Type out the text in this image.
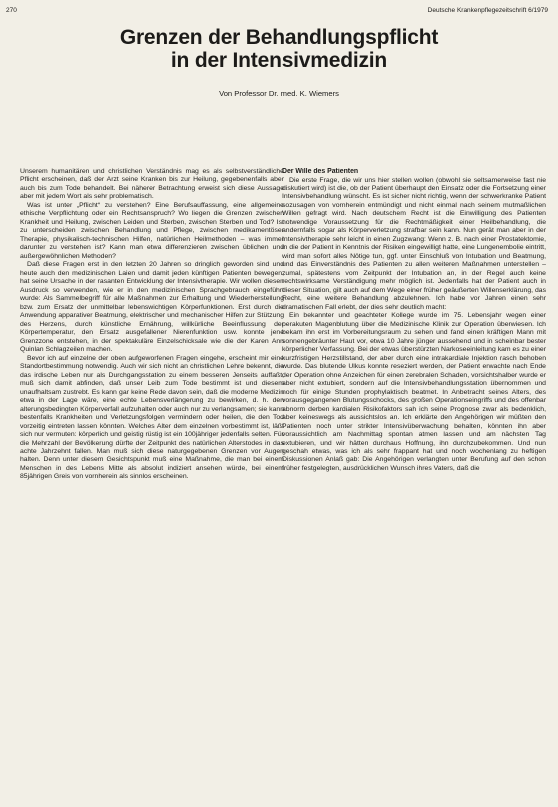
270	Deutsche Krankenpflegezeitschrift 6/1979
Grenzen der Behandlungspflicht
in der Intensivmedizin
Von Professor Dr. med. K. Wiemers

Unserem humanitären und christlichen Verständnis mag es als selbstverständliche Pflicht erscheinen, daß der Arzt seine Kranken bis zur Heilung, gegebenenfalls aber auch bis zum Tode behandelt. Bei näherer Betrachtung erweist sich diese Aussage aber mit jedem Wort als sehr problematisch.

Was ist unter „Pflicht“ zu verstehen? Eine Berufsauffassung, eine allgemeine ethische Verpflichtung oder ein Rechtsanspruch? Wo liegen die Grenzen zwischen Krankheit und Heilung, zwischen Leiden und Sterben, zwischen Sterben und Tod? Ist zu unterscheiden zwischen Behandlung und Pflege, zwischen medikamentöser Therapie, physikalisch-technischen Hilfen, natürlichen Heilmethoden – was immer darunter zu verstehen ist? Kann man etwa differenzieren zwischen üblichen und außergewöhnlichen Methoden?

Daß diese Fragen erst in den letzten 20 Jahren so dringlich geworden sind und heute auch den medizinischen Laien und damit jeden künftigen Patienten bewegen, hat seine Ursache in der rasanten Entwicklung der Intensivtherapie. Wir wollen diesen Ausdruck so verwenden, wie er in den medizinischen Sprachgebrauch eingeführt wurde: Als Sammelbegriff für alle Maßnahmen zur Erhaltung und Wiederherstellung bzw. zum Ersatz der unmittelbar lebenswichtigen Körperfunktionen. Erst durch die Anwendung apparativer Beatmung, elektrischer und mechanischer Hilfen zur Stützung des Herzens, durch künstliche Ernährung, willkürliche Beeinflussung der Körpertemperatur, den Ersatz ausgefallener Nierenfunktion usw. konnte jene Grenzzone entstehen, in der spektakuläre Einzelschicksale wie die der Karen Ann Quinlan Schlagzeilen machen.

Bevor ich auf einzelne der oben aufgeworfenen Fragen eingehe, erscheint mir eine Standortbestimmung notwendig. Auch wir sich nicht an christlichen Lehre bekennt, die das irdische Leben nur als Durchgangsstation zu einem besseren Jenseits auffaßt, muß sich damit abfinden, daß unser Leib zum Tode bestimmt ist und diesem unaufhaltsam zustrebt. Es kann gar keine Rede davon sein, daß die moderne Medizin etwa in der Lage wäre, eine echte Lebensverlängerung zu bewirken, d. h. den alterungsbedingten Körperverfall aufzuhalten oder auch nur zu verlangsamen; sie kann bestenfalls Krankheiten und Verletzungsfolgen vermindern oder heilen, die den Tod vorzeitig eintreten lassen könnten. Welches Alter dem einzelnen vorbestimmt ist, läßt sich nur vermuten: körperlich und geistig rüstig ist ein 100jähriger jedenfalls selten. Für die Mehrzahl der Bevölkerung dürfte der Zeitpunkt des natürlichen Alterstodes in das achte Jahrzehnt fallen. Man muß sich diese naturgegebenen Grenzen vor Augen halten. Denn unter diesem Gesichtspunkt muß eine Maßnahme, die man bei einem Menschen in des Lebens Mitte als absolut indiziert ansehen würde, bei einem 85jährigen Greis von vornherein als sinnlos erscheinen.

Der Wille des Patienten

Die erste Frage, die wir uns hier stellen wollen (obwohl sie seltsamerweise fast nie diskutiert wird) ist die, ob der Patient überhaupt den Einsatz oder die Fortsetzung einer Intensivbehandlung wünscht. Es ist sicher nicht richtig, wenn der schwerkranke Patient sozusagen von vornherein entmündigt und nicht einmal nach seinem mutmaßlichen Willen gefragt wird. Nach deutschem Recht ist die Einwilligung des Patienten notwendige Voraussetzung für die Rechtmäßigkeit einer Heilbehandlung, die andernfalls sogar als Körperverletzung strafbar sein kann. Nun gerät man aber in der Intensivtherapie sehr leicht in einen Zugzwang: Wenn z. B. nach einer Prostatektomie, in die der Patient in Kenntnis der Risiken eingewilligt hatte, eine Lungenembolie eintritt, wird man sofort alles Nötige tun, ggf. unter Einschluß von Intubation und Beatmung, und das Einverständnis des Patienten zu allen weiteren Maßnahmen unterstellen – zumal, spätestens vom Zeitpunkt der Intubation an, in der Regel auch keine rechtswirksame Verständigung mehr möglich ist. Jedenfalls hat der Patient auch in dieser Situation, gilt auch auf dem Wege einer früher geäußerten Willenserklärung, das Recht, eine weitere Behandlung abzulehnen. Ich habe vor Jahren einen sehr dramatischen Fall erlebt, der dies sehr deutlich macht:

Ein bekannter und geachteter Kollege wurde im 75. Lebensjahr wegen einer perakuten Magenblutung über die Medizinische Klinik zur Operation überwiesen. Ich bekam ihn erst im Vorbereitungsraum zu sehen und fand einen kräftigen Mann mit sonnengebräunter Haut vor, etwa 10 Jahre jünger aussehend und in scheinbar bester körperlicher Verfassung. Bei der etwas überstürzten Narkoseeinleitung kam es zu einer kurzfristigen Herzstillstand, der aber durch eine intrakardiale Injektion rasch behoben wurde. Das blutende Ulkus konnte reseziert werden, der Patient erwachte nach Ende der Operation ohne Anzeichen für einen zerebralen Schaden, vorsichtshalber wurde er aber nicht extubiert, sondern auf die Intensivbehandlungsstation übernommen und noch für einige Stunden prophylaktisch beatmet. In Anbetracht seines Alters, des vorausgegangenen Blutungsschocks, des großen Operationseingriffs und des offenbar abnorm derben kardialen Risikofaktors sah ich seine Prognose zwar als bedenklich, aber keineswegs als aussichtslos an. Ich erklärte den Angehörigen wir müßten den Patienten noch unter strikter Intensivüberwachung behalten, könnten ihn aber voraussichtlich am Nachmittag spontan atmen lassen und am nächsten Tag extubieren, und wir hätten durchaus Hoffnung, ihn durchzubekommen. Und nun geschah etwas, was ich als sehr frappant hat und noch wochenlang zu heftigen Diskussionen Anlaß gab: Die Angehörigen verlangten unter Berufung auf den schon früher festgelegten, ausdrücklichen Wunsch ihres Vaters, daß die
